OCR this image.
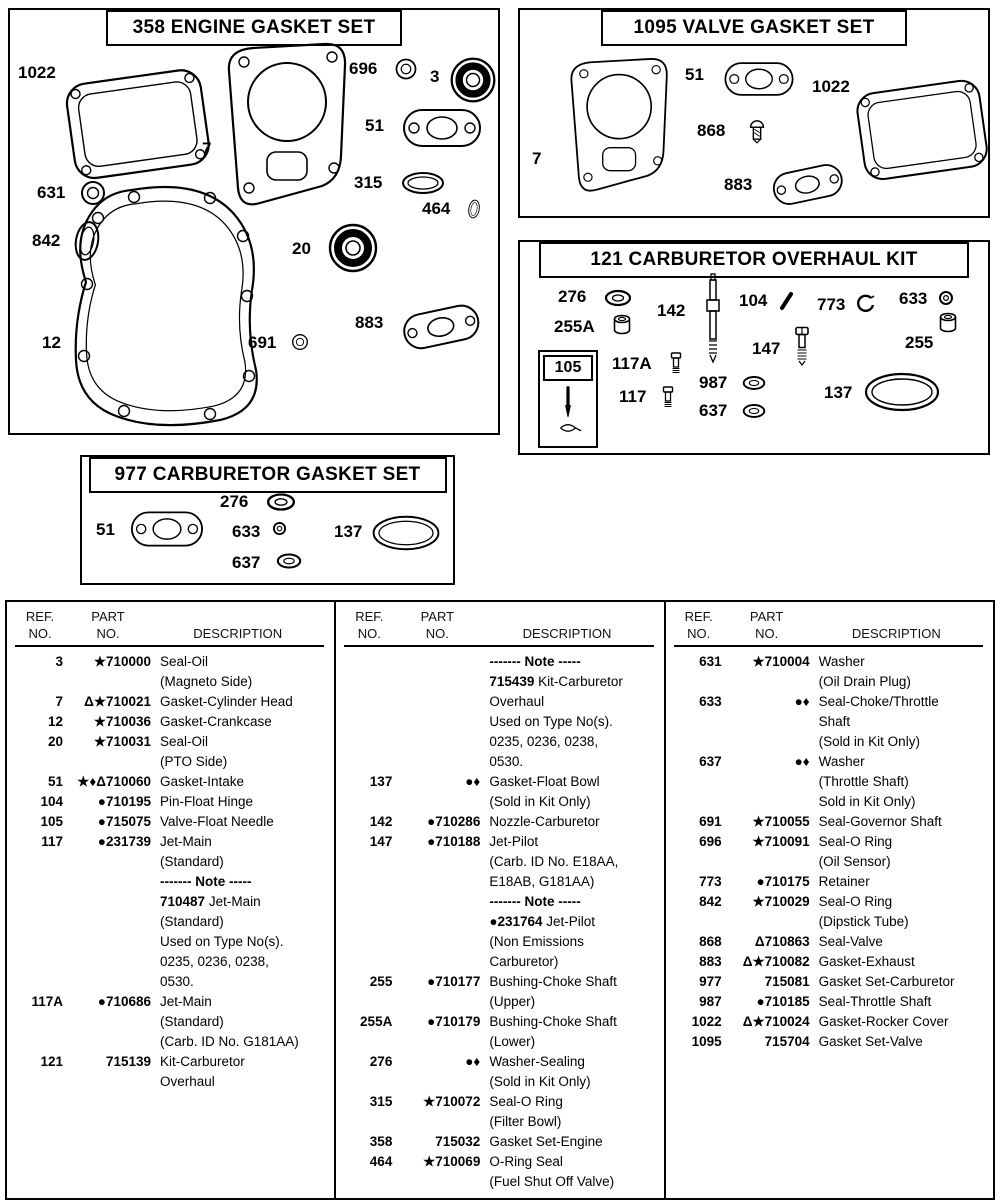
358 ENGINE GASKET SET
1022
7
696	3
51
315
464
631
842	20
12	691
883
1095 VALVE GASKET SET
7
51
868
1022
883
121 CARBURETOR OVERHAUL KIT
276
255A
142
104	773	633
147	255
105	117A
987
117
637
137
977 CARBURETOR GASKET SET
276
51	633	137
637
REF.
NO.
PART
NO.	DESCRIPTION
3	★710000 Seal-Oil
(Magneto Side)
7	Δ★710021 Gasket-Cylinder Head
12	★710036 Gasket-Crankcase
20	★710031 Seal-Oil
(PTO Side)
51	★♦Δ710060 Gasket-Intake
104	●710195 Pin-Float Hinge
105	●715075 Valve-Float Needle
117	●231739 Jet-Main
(Standard)
------- Note -----
710487 Jet-Main
(Standard)
Used on Type No(s).
0235, 0236, 0238,
0530.
117A	●710686 Jet-Main
(Standard)
(Carb. ID No. G181AA)
121	715139 Kit-Carburetor
Overhaul
REF.
NO.
PART
NO.	DESCRIPTION
------- Note -----
715439 Kit-Carburetor
Overhaul
Used on Type No(s).
0235, 0236, 0238,
0530.
137	●♦ Gasket-Float Bowl
(Sold in Kit Only)
142	●710286 Nozzle-Carburetor
147	●710188 Jet-Pilot
(Carb. ID No. E18AA,
E18AB, G181AA)
------- Note -----
●231764 Jet-Pilot
(Non Emissions
Carburetor)
255	●710177 Bushing-Choke Shaft
(Upper)
255A	●710179 Bushing-Choke Shaft
(Lower)
276	●♦ Washer-Sealing
(Sold in Kit Only)
315	★710072 Seal-O Ring
(Filter Bowl)
358	715032 Gasket Set-Engine
464	★710069 O-Ring Seal
(Fuel Shut Off Valve)
REF.
NO.
PART
NO.	DESCRIPTION
631	★710004 Washer
(Oil Drain Plug)
633	●♦ Seal-Choke/Throttle
Shaft
(Sold in Kit Only)
637	●♦ Washer
(Throttle Shaft)
Sold in Kit Only)
691	★710055 Seal-Governor Shaft
696	★710091 Seal-O Ring
(Oil Sensor)
773	●710175 Retainer
842	★710029 Seal-O Ring
(Dipstick Tube)
868	Δ710863 Seal-Valve
883	Δ★710082 Gasket-Exhaust
977	715081 Gasket Set-Carburetor
987	●710185 Seal-Throttle Shaft
1022	Δ★710024 Gasket-Rocker Cover
1095	715704 Gasket Set-Valve
